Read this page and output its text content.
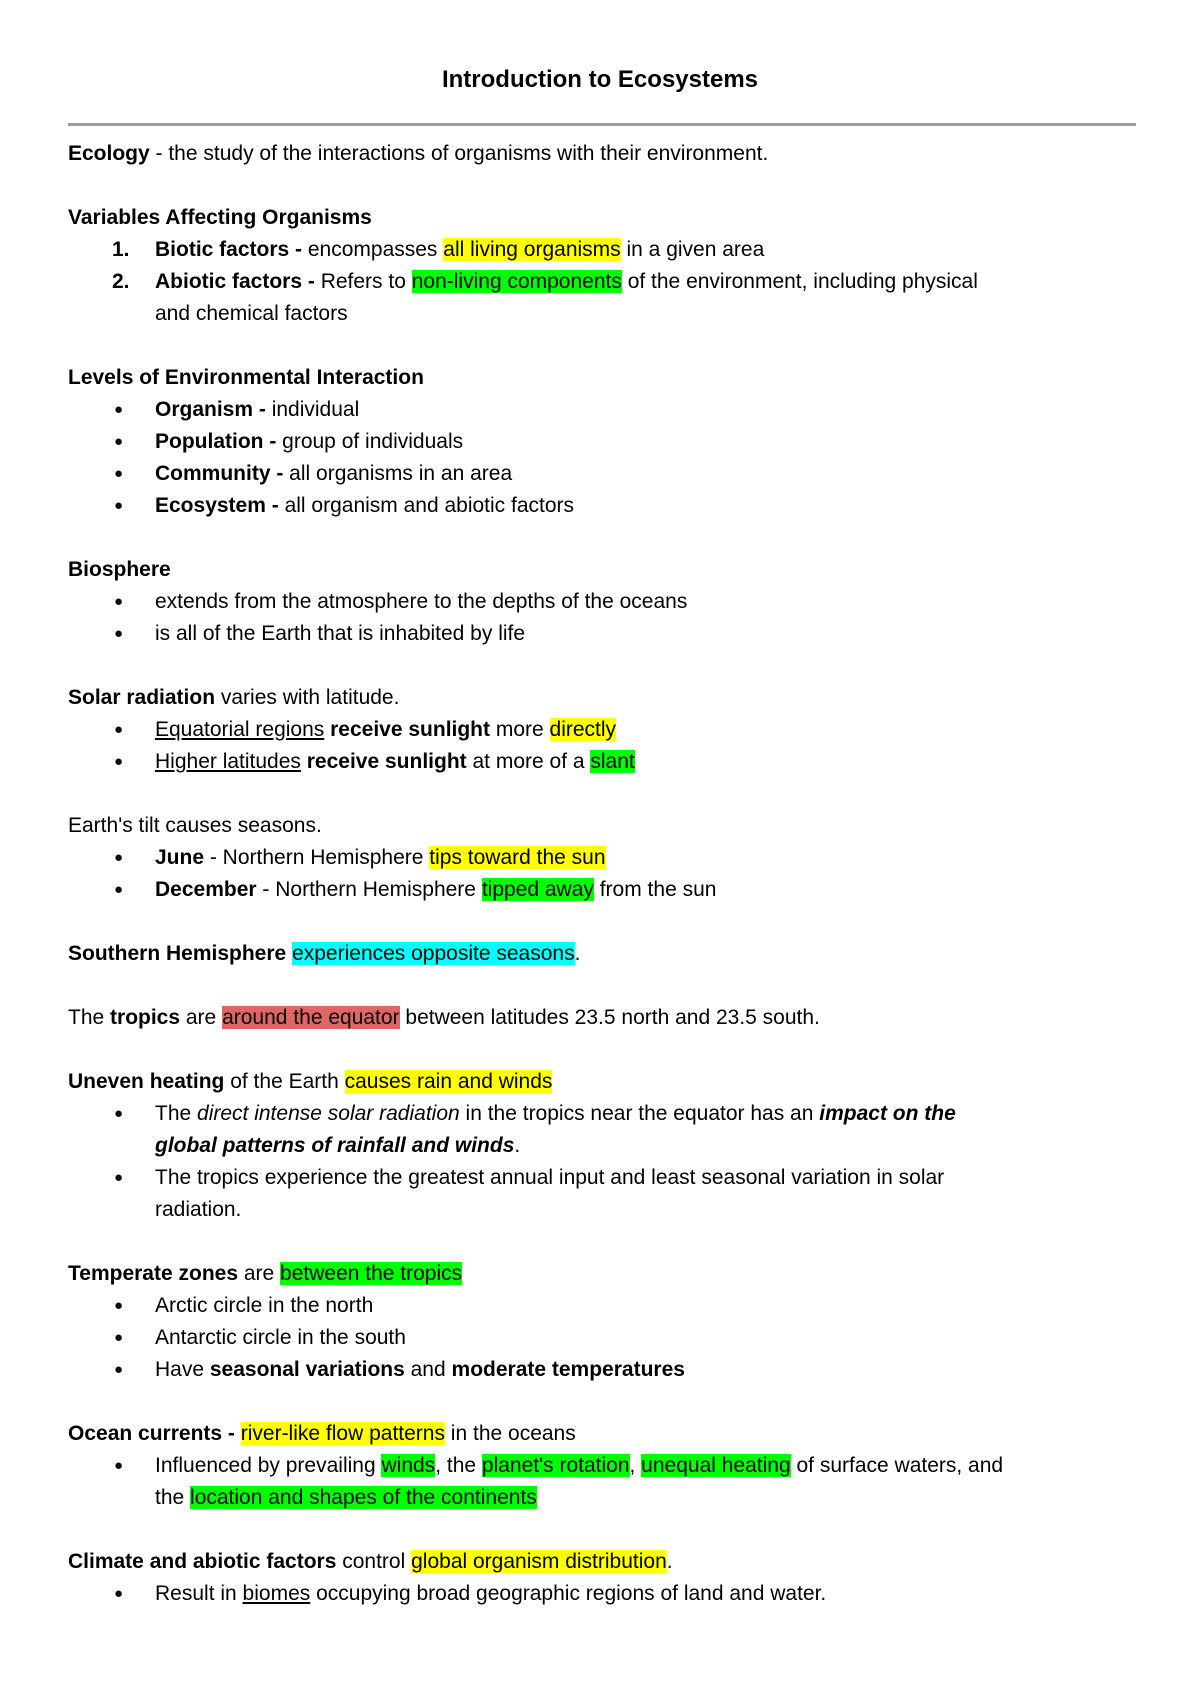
Introduction to Ecosystems
Ecology - the study of the interactions of organisms with their environment.
Variables Affecting Organisms
1. Biotic factors - encompasses all living organisms in a given area
2. Abiotic factors - Refers to non-living components of the environment, including physical
and chemical factors
Levels of Environmental Interaction
● Organism - individual
● Population - group of individuals
● Community - all organisms in an area
● Ecosystem - all organism and abiotic factors
Biosphere
● extends from the atmosphere to the depths of the oceans
● is all of the Earth that is inhabited by life
Solar radiation varies with latitude.
● Equatorial regions receive sunlight more directly
● Higher latitudes receive sunlight at more of a slant
Earth's tilt causes seasons.
● June - Northern Hemisphere tips toward the sun
● December - Northern Hemisphere tipped away from the sun
Southern Hemisphere experiences opposite seasons.
The tropics are around the equator between latitudes 23.5 north and 23.5 south.
Uneven heating of the Earth causes rain and winds
● The direct intense solar radiation in the tropics near the equator has an impact on the
global patterns of rainfall and winds.
● The tropics experience the greatest annual input and least seasonal variation in solar
radiation.
Temperate zones are between the tropics
● Arctic circle in the north
● Antarctic circle in the south
● Have seasonal variations and moderate temperatures
Ocean currents - river-like flow patterns in the oceans
● Influenced by prevailing winds, the planet's rotation, unequal heating of surface waters, and
the location and shapes of the continents
Climate and abiotic factors control global organism distribution.
● Result in biomes occupying broad geographic regions of land and water.
